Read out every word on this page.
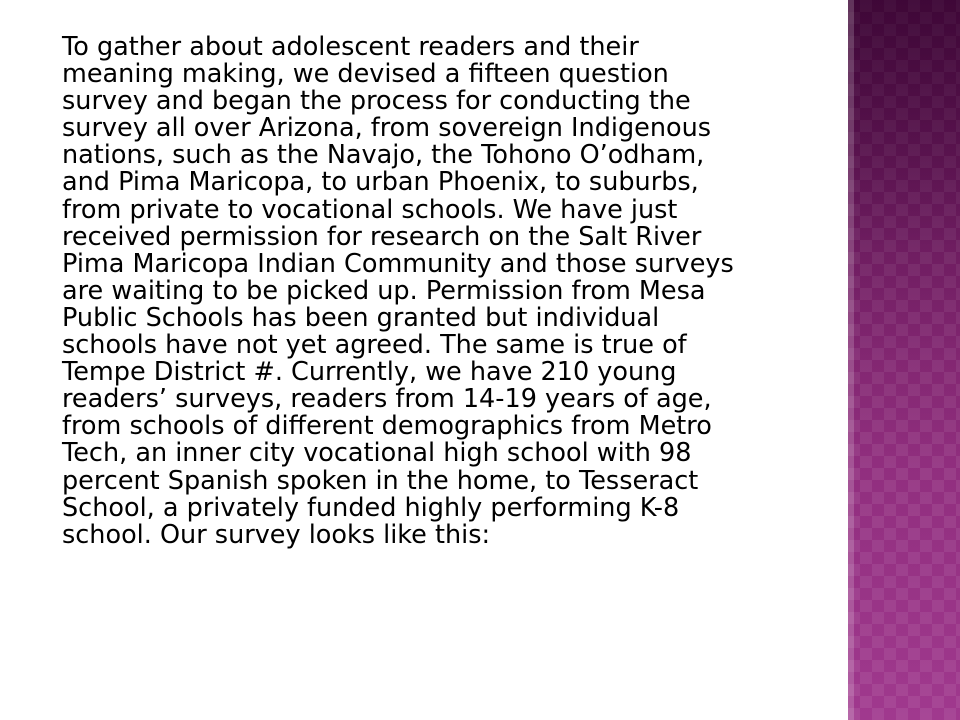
To gather about adolescent readers and their
meaning making, we devised a fifteen question
survey and began the process for conducting the
survey all over Arizona, from sovereign Indigenous
nations, such as the Navajo, the Tohono O’odham,
and Pima Maricopa, to urban Phoenix, to suburbs,
from private to vocational schools. We have just
received permission for research on the Salt River
Pima Maricopa Indian Community and those surveys
are waiting to be picked up. Permission from Mesa
Public Schools has been granted but individual
schools have not yet agreed. The same is true of
Tempe District #. Currently, we have 210 young
readers’ surveys, readers from 14-19 years of age,
from schools of different demographics from Metro
Tech, an inner city vocational high school with 98
percent Spanish spoken in the home, to Tesseract
School, a privately funded highly performing K-8
school. Our survey looks like this:
